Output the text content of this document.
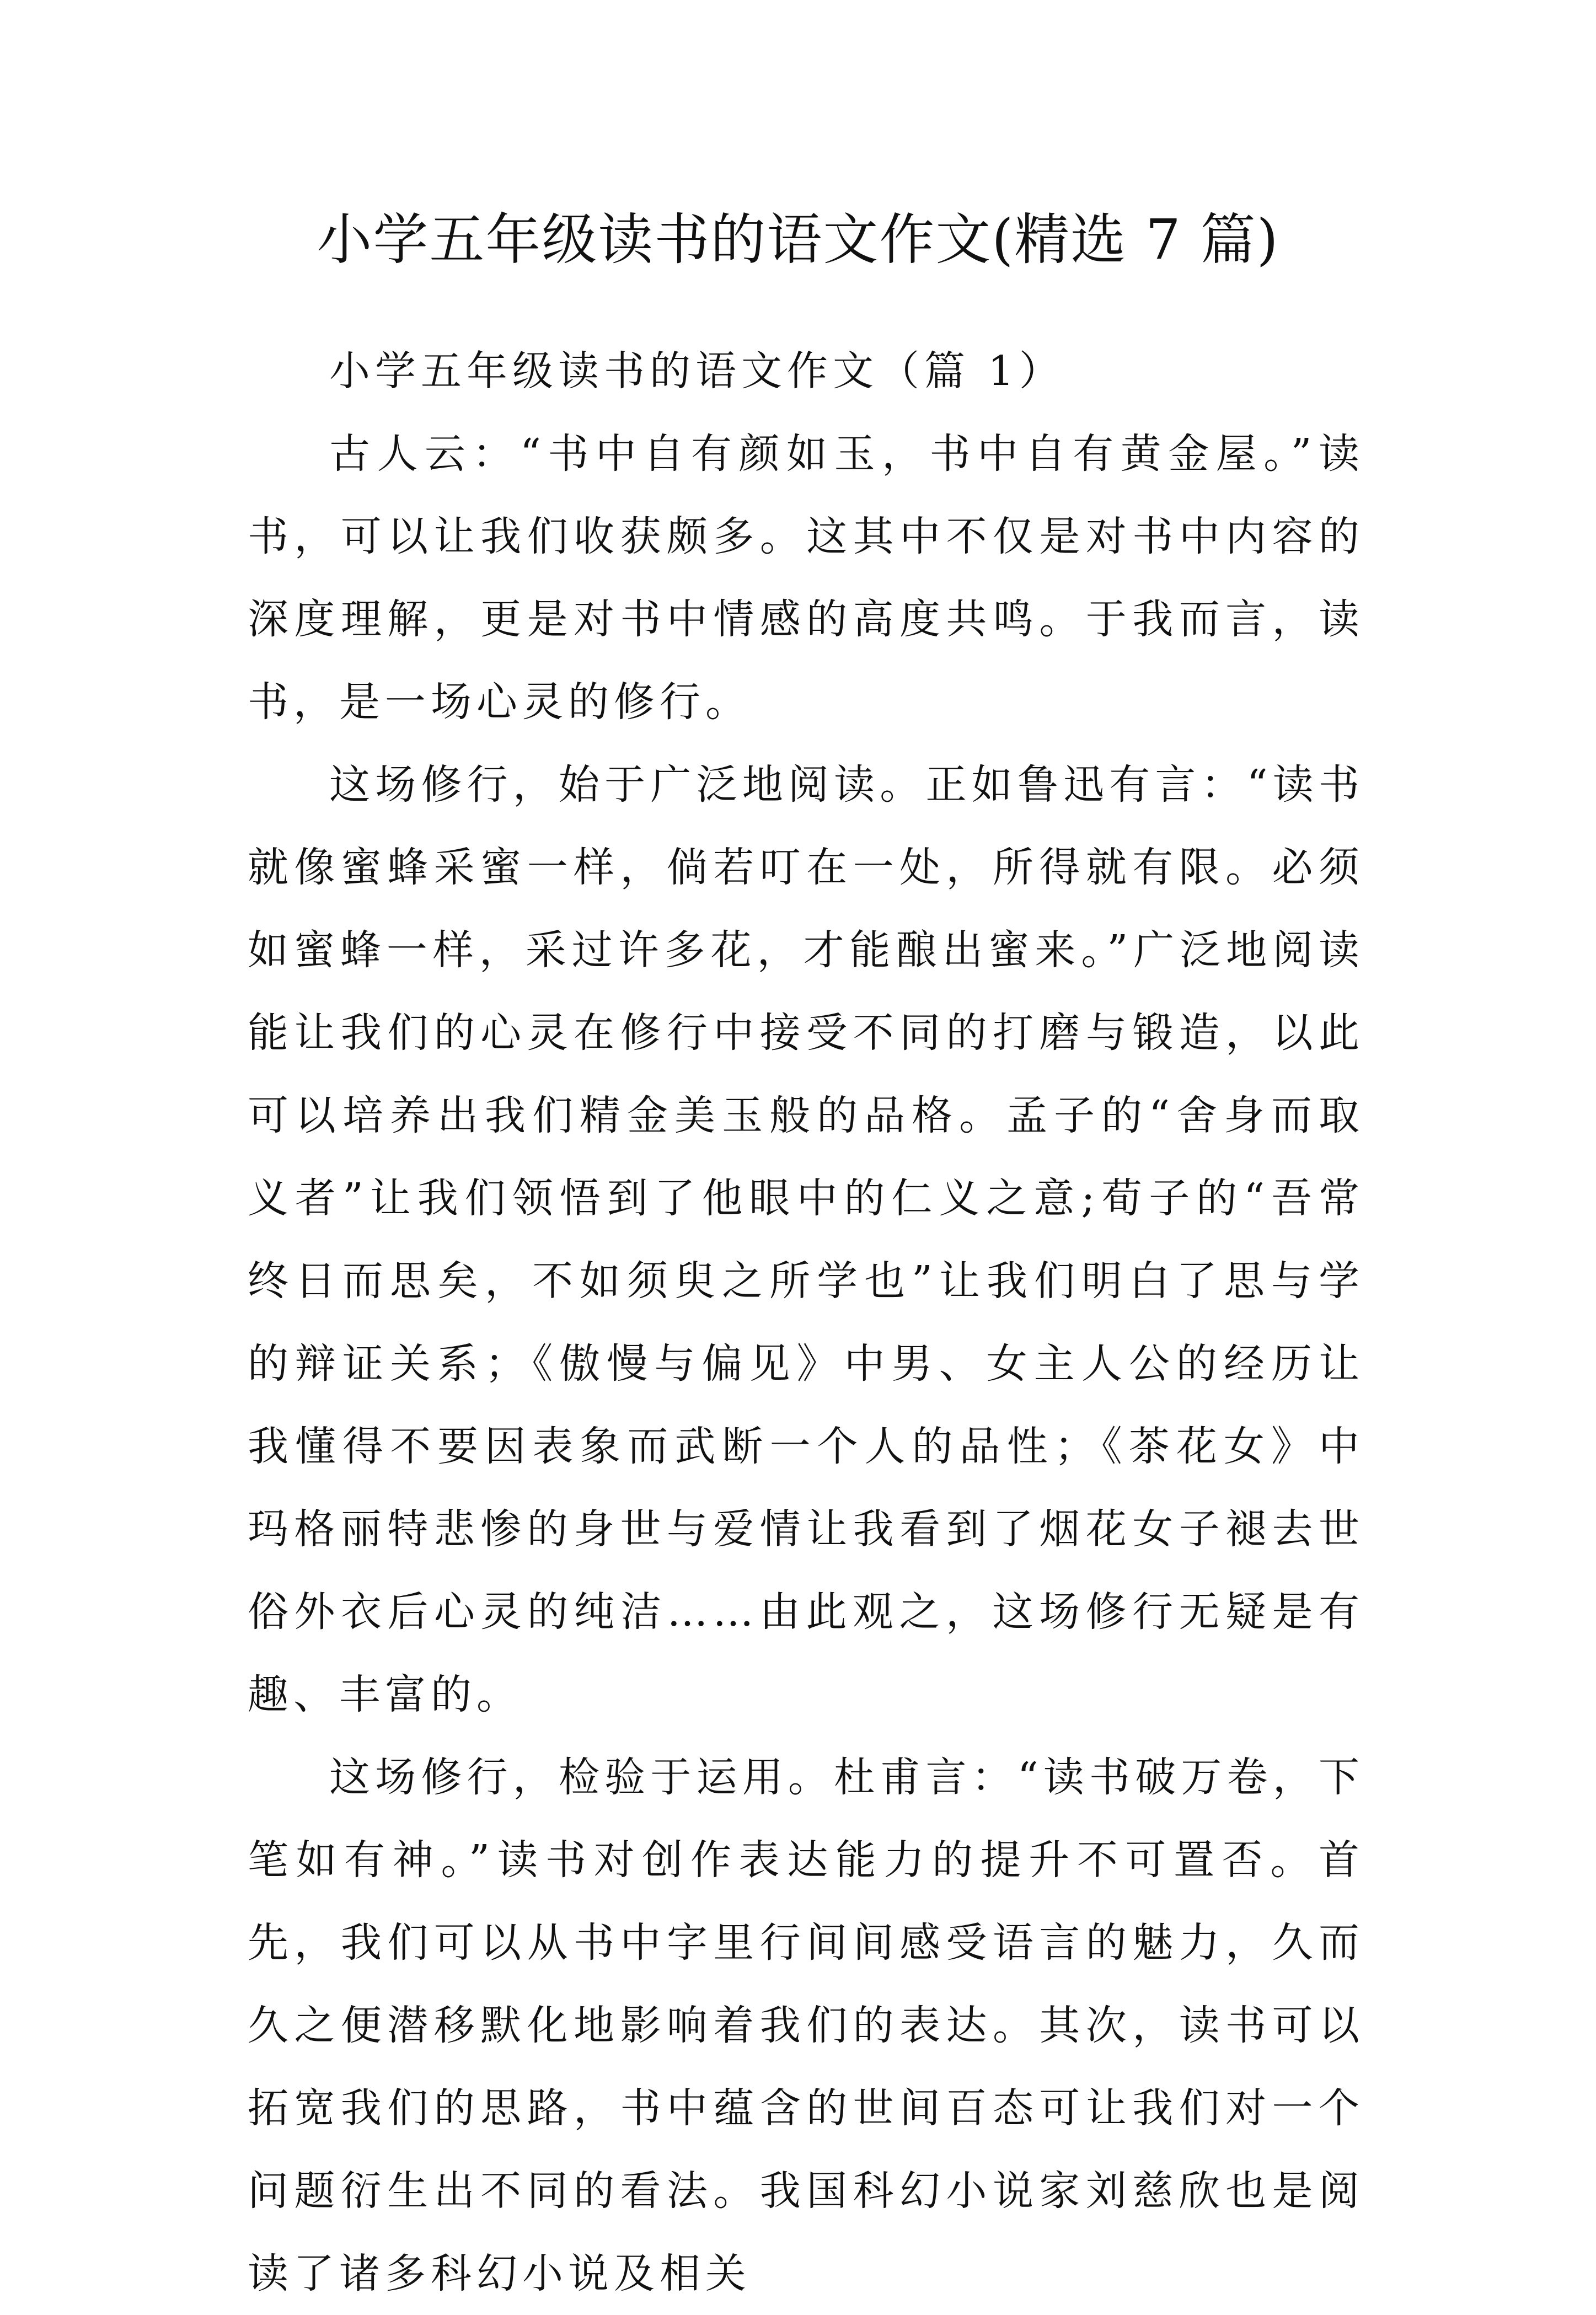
小学五年级读书的语文作文(精选 7 篇)

小学五年级读书的语文作文（篇 1）

古人云：“书中自有颜如玉，书中自有黄金屋。”读书，可以让我们收获颇多。这其中不仅是对书中内容的深度理解，更是对书中情感的高度共鸣。于我而言，读书，是一场心灵的修行。

这场修行，始于广泛地阅读。正如鲁迅有言：“读书就像蜜蜂采蜜一样，倘若叮在一处，所得就有限。必须如蜜蜂一样，采过许多花，才能酿出蜜来。”广泛地阅读能让我们的心灵在修行中接受不同的打磨与锻造，以此可以培养出我们精金美玉般的品格。孟子的“舍身而取义者”让我们领悟到了他眼中的仁义之意;荀子的“吾常终日而思矣，不如须臾之所学也”让我们明白了思与学的辩证关系；《傲慢与偏见》中男、女主人公的经历让我懂得不要因表象而武断一个人的品性；《茶花女》中玛格丽特悲惨的身世与爱情让我看到了烟花女子褪去世俗外衣后心灵的纯洁……由此观之，这场修行无疑是有趣、丰富的。

这场修行，检验于运用。杜甫言：“读书破万卷，下笔如有神。”读书对创作表达能力的提升不可置否。首先，我们可以从书中字里行间间感受语言的魅力，久而久之便潜移默化地影响着我们的表达。其次，读书可以拓宽我们的思路，书中蕴含的世间百态可让我们对一个问题衍生出不同的看法。我国科幻小说家刘慈欣也是阅读了诸多科幻小说及相关
